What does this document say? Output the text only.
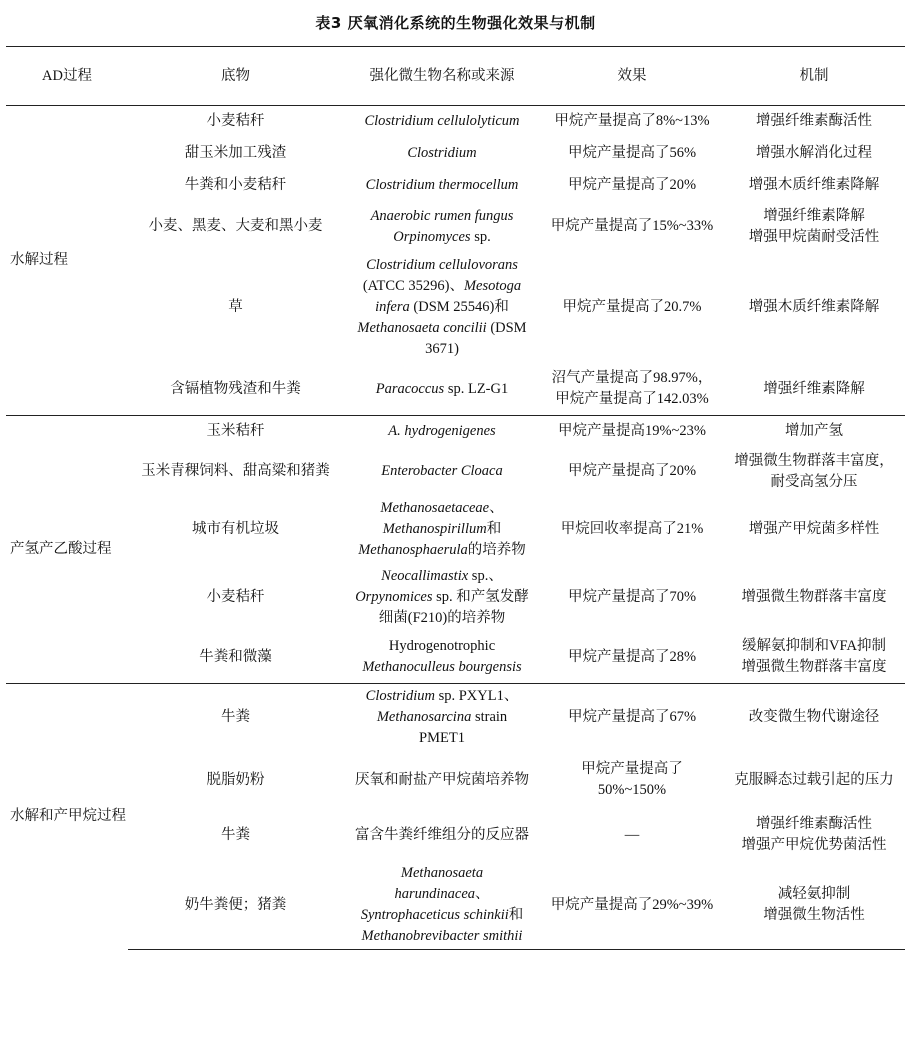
表3 厌氧消化系统的生物强化效果与机制
AD过程	底物	强化微生物名称或来源	效果	机制
水解过程	小麦秸秆	Clostridium cellulolyticum	甲烷产量提高了8%~13%	增强纤维素酶活性
	甜玉米加工残渣	Clostridium	甲烷产量提高了56%	增强水解消化过程
	牛粪和小麦秸秆	Clostridium thermocellum	甲烷产量提高了20%	增强木质纤维素降解
	小麦、黑麦、大麦和黑小麦	Anaerobic rumen fungus
Orpinomyces sp.	甲烷产量提高了15%~33%	增强纤维素降解
增强甲烷菌耐受活性
	草	Clostridium cellulovorans
(ATCC 35296)、Mesotoga
infera (DSM 25546)和
Methanosaeta concilii (DSM
3671)	甲烷产量提高了20.7%	增强木质纤维素降解
	含镉植物残渣和牛粪	Paracoccus sp. LZ-G1	沼气产量提高了98.97%，
甲烷产量提高了142.03%	增强纤维素降解
产氢产乙酸过程	玉米秸秆	A. hydrogenigenes	甲烷产量提高19%~23%	增加产氢
	玉米青稞饲料、甜高粱和猪粪	Enterobacter Cloaca	甲烷产量提高了20%	增强微生物群落丰富度，
耐受高氢分压
	城市有机垃圾	Methanosaetaceae、
Methanospirillum和
Methanosphaerula的培养物	甲烷回收率提高了21%	增强产甲烷菌多样性
	小麦秸秆	Neocallimastix sp.、
Orpynomices sp. 和产氢发酵
细菌(F210)的培养物	甲烷产量提高了70%	增强微生物群落丰富度
	牛粪和微藻	Hydrogenotrophic
Methanoculleus bourgensis	甲烷产量提高了28%	缓解氨抑制和VFA抑制
增强微生物群落丰富度
水解和产甲烷过程	牛粪	Clostridium sp. PXYL1、
Methanosarcina strain
PMET1	甲烷产量提高了67%	改变微生物代谢途径
	脱脂奶粉	厌氧和耐盐产甲烷菌培养物	甲烷产量提高了
50%~150%	克服瞬态过载引起的压力
	牛粪	富含牛粪纤维组分的反应器	—	增强纤维素酶活性
增强产甲烷优势菌活性
	奶牛粪便；猪粪	Methanosaeta
harundinacea、
Syntrophaceticus schinkii和
Methanobrevibacter smithii	甲烷产量提高了29%~39%	减轻氨抑制
增强微生物活性
